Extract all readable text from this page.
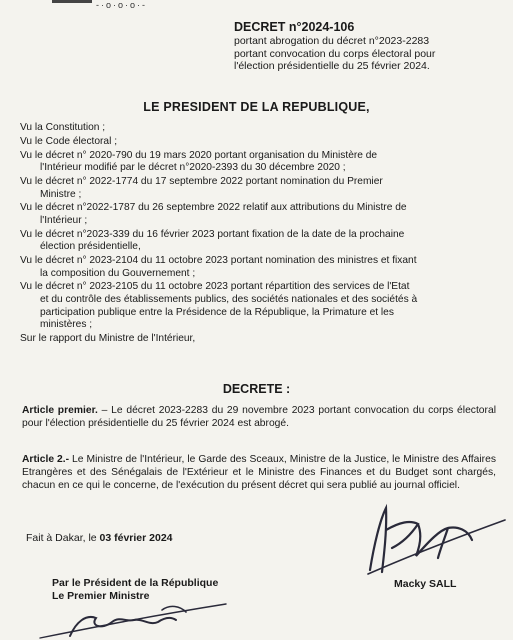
-·o·o·o·-

DECRET n°2024-106

portant abrogation du décret n°2023-2283

portant convocation du corps électoral pour

l'élection présidentielle du 25 février 2024.

LE PRESIDENT DE LA REPUBLIQUE,

Vu la Constitution ;

Vu le Code électoral ;

Vu le décret n° 2020-790 du 19 mars 2020 portant organisation du Ministère de
l'Intérieur modifié par le décret n°2020-2393 du 30 décembre 2020 ;

Vu le décret n° 2022-1774 du 17 septembre 2022 portant nomination du Premier
Ministre ;

Vu le décret n°2022-1787 du 26 septembre 2022 relatif aux attributions du Ministre de
l'Intérieur ;

Vu le décret n°2023-339 du 16 février 2023 portant fixation de la date de la prochaine
élection présidentielle,

Vu le décret n° 2023-2104 du 11 octobre 2023 portant nomination des ministres et fixant
la composition du Gouvernement ;

Vu le décret n° 2023-2105 du 11 octobre 2023 portant répartition des services de l'Etat
et du contrôle des établissements publics, des sociétés nationales et des sociétés à
participation publique entre la Présidence de la République, la Primature et les
ministères ;

Sur le rapport du Ministre de l'Intérieur,

DECRETE :
Article premier. – Le décret 2023-2283 du 29 novembre 2023 portant convocation du corps électoral pour l'élection présidentielle du 25 février 2024 est abrogé.
Article 2.- Le Ministre de l'Intérieur, le Garde des Sceaux, Ministre de la Justice, le Ministre des Affaires Etrangères et des Sénégalais de l'Extérieur et le Ministre des Finances et du Budget sont chargés, chacun en ce qui le concerne, de l'exécution du présent décret qui sera publié au journal officiel.
Fait à Dakar, le 03 février 2024
Par le Président de la République
Le Premier Ministre
Macky SALL
